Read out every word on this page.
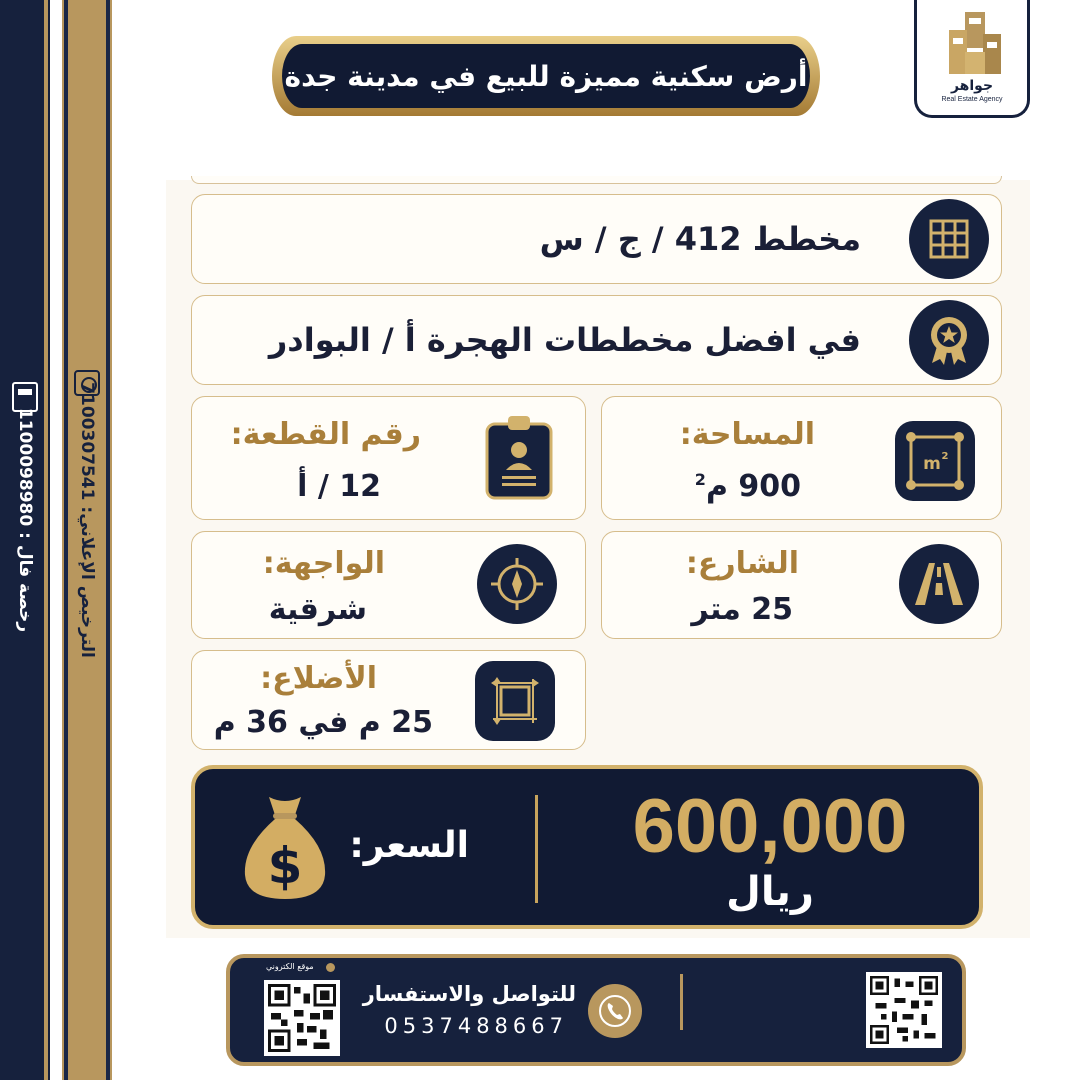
رخصة فال : 1100098980
الترخيص الإعلاني: 7100307541
أرض سكنية مميزة للبيع في مدينة جدة	جواهر
Real Estate Agency
مخطط 412 / ج / س
في افضل مخططات الهجرة أ / البوادر
m 2
المساحة:
900 م$^2$
رقم القطعة:
12 / أ
الشارع:
25 متر
الواجهة:
شرقية
الأضلاع:
25 م في 36 م
600,000
ريال
السعر:
$
موقع الكتروني
للتواصل والاستفسار
0537488667
